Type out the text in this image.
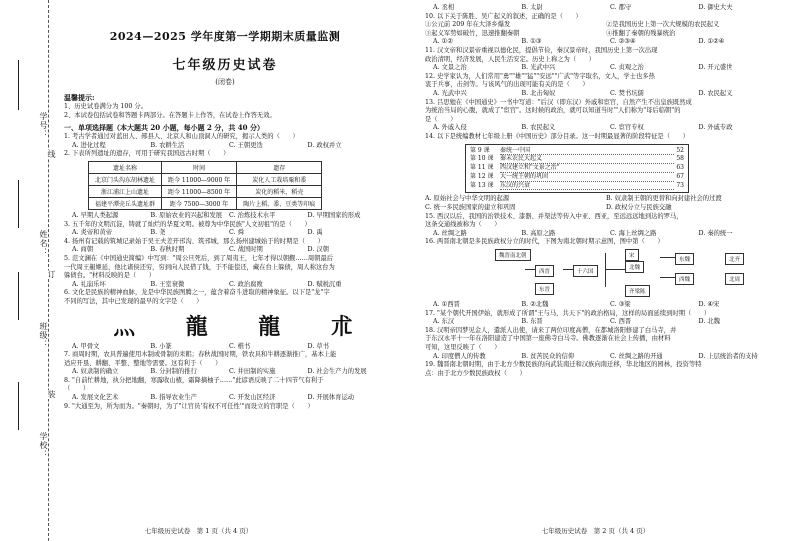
学号：
姓名：
班级：
学校：
线
订
装
2024—2025 学年度第一学期期末质量监测
七年级历史试卷
(闭卷)
温馨提示:
1、历史试卷满分为 100 分。
2、本试卷包括试卷和答题卡两部分。在答题卡上作答，在试卷上作答无效。
一、单项选择题（本大题共 20 小题，每小题 2 分，共 40 分）
1. 考古学者通过对蓝田人、郧县人、北京人和山顶洞人的研究，揭示人类的（　　）
A. 进化过程	B. 农耕生活	C. 王朝更迭	D. 政权并立
2. 下表所列遗址的遗存，可用于研究我国远古时期（　　）
遗址名称	时间	遗存
北京门头沟东胡林遗址	距今 11000—9000 年	炭化人工栽培粟和黍
浙江浦江上山遗址	距今 11000—8500 年	炭化的稻米，稻壳
福建平潭壳丘头遗址群	距今 7500—3000 年	陶片上稻、黍、豆类等印痕
A. 早期人类起源	B. 原始农业的兴起和发展	C. 治炼技术水平	D. 早期国家的形成
3. 五千年的文明沉淀，铸就了灿烂的华夏文明。被尊为中华民族"人文初祖"的是（　　）
A. 炎帝和黄帝	B. 尧	C. 舜	D. 禹
4. 扬州有记载的筑城记录始于吴王夫差开邗沟、筑邗城，那么扬州建城始于的时期是（　　）
A. 商朝	B. 春秋时期	C. 战国时期	D. 汉朝
5. 范文澜在《中国通史简编》中写到："周公旦死后，到了周夷王，七年才得以朝觐……周朝最后
一代周王赧姬延，他比诸侯还穷，穷到向人民借了钱，于不能偿还，藏在台上躲债，周人称这台为
躲债台。"材料反映的是（　　）
A. 礼崩乐坏	B. 王室衰微	C. 政治腐败	D. 赋税沉重
6. 文化是民族的精神血脉，龙是中华民族图腾之一，蕴含着奋斗进取的精神象征。以下是"龙"字
不同的写法，其中已发现的最早的文字是（　　）
⺣ 龍 龍 朮
A. 甲骨文	B. 小篆	C. 楷书	D. 草书
7. 商周时期，农具普遍使用木制或骨制的耒耜；春秋战国时期，铁农具和牛耕逐渐推广，基本上能
适应开垦、耕翻、平整、整地等需要。这有利于（　　）
A. 奴隶制的确立	B. 分封制的推行	C. 井田制的实施	D. 社会生产力的发展
8. "自前忙耕地，执分把地翻，寒露收山楂，霜降摘柚子……"此谚语反映了二十四节气有利于
（　　）
A. 发展文化艺术	B. 指导农业生产	C. 开发山区经济	D. 开展体育运动
9. "大通至为，所为而为。"秦朝时，为了"让官员'有权不可任性'"而设立的官职是（　　）
七年级历史试卷　第 1 页（共 4 页）
A. 丞相	B. 太尉	C. 郡守	D. 御史大夫
10. 以下关于陈胜、吴广起义的叙述，正确的是（　　）
①公元前 209 年在大泽乡爆发	②是我国历史上第一次大规模的农民起义
③起义军势如破竹，迅速推翻秦朝	④推翻了秦朝的残暴统治
A. ①②	B. ①③	C. ②③④	D. ①②④
11. 汉文帝和汉景帝重视以德化民，提倡节俭，秦汉景帝时，我国历史上第一次出现
政治清明，经济发展，人民生活安定。历史上称之为（　　）
A. 文景之治	B. 光武中兴	C. 贞观之治	D. 开元盛世
12. 史学家认为，人们常用"勇""雄""猛""安远""广武"等字取名，文人，学士也多热
衷于兵事，击剑等。与该风气的出现可能有关的是（　　）
A. 光武中兴	B. 北击匈奴	C. 焚书坑儒	D. 农民起义
13. 吕思勉在《中国通史》一书中写道："后汉（即东汉）外戚和宦官，自然产生不出皇族既然成
为统治当局的心腹，就成了"宦官"。这时候的政治，就可以知道当时'"人们称为"母后临朝"的
是（　　）
A. 外戚入侵	B. 农民起义	C. 宦官专权	D. 外戚专政
14. 以下是统编教材七年级上册《中国历史》部分目录。这一时期最显著的阶段特征是（　　）
第 9 课	秦统一中国	52
第 10 课	秦末农民大起义	58
第 11 课	西汉建立和"文景之治"	63
第 12 课	大一统王朝的巩固	67
第 13 课	东汉的兴衰	73
A. 原始社会与中华文明的起源	B. 奴隶制王朝的更替和向封建社会的过渡
C. 统一多民族国家的建立和巩固	D. 政权分立与民族交融
15. 西汉以后，我国的治铁技术、漆器、并渠法等传入中亚、西亚，至远远远地到达的罗马，
这条交通线被称为（　　）
A. 丝绸之路	B. 高原之路	C. 海上丝绸之路	D. 秦的统一
16. 两晋南北朝是多民族政权分立的时代，下图为南北朝时期示意图，图中第（　　）
魏晋南北朝
西晋
东晋
十六国
宋
北魏
东魏	北齐
西魏	北周
齐梁陈
A. ①西晋	B. ②北魏	C. ③梁	D. ④宋
17. "某个朝代开国伊始，就形成了所谓"王与马，共天下"的政治格局，这样的局面延续到时期（　　）
A. 东汉	B. 东晋	C. 西晋	D. 北魏
18. 汉明帝因梦见金人，遣派人出使，请来了两位印度高僧，在都城洛阳修建了白马寺，并
于东汉永平十一年在洛阳建造了中国第一座佛寺白马寺。佛教逐渐在社会上传播，由材料
可知，这里反映了（　　）
A. 印度僧人的传教	B. 贫苦民众的信仰	C. 丝绸之路的开通	D. 上层统治者的支持
19. 魏晋南北朝时期，由于北方少数民族的向武装南迁和汉族向南迁移，华北地区的园林，投资等特
点：由于北方少数民族政权（　　）
七年级历史试卷　第 2 页（共 4 页）
